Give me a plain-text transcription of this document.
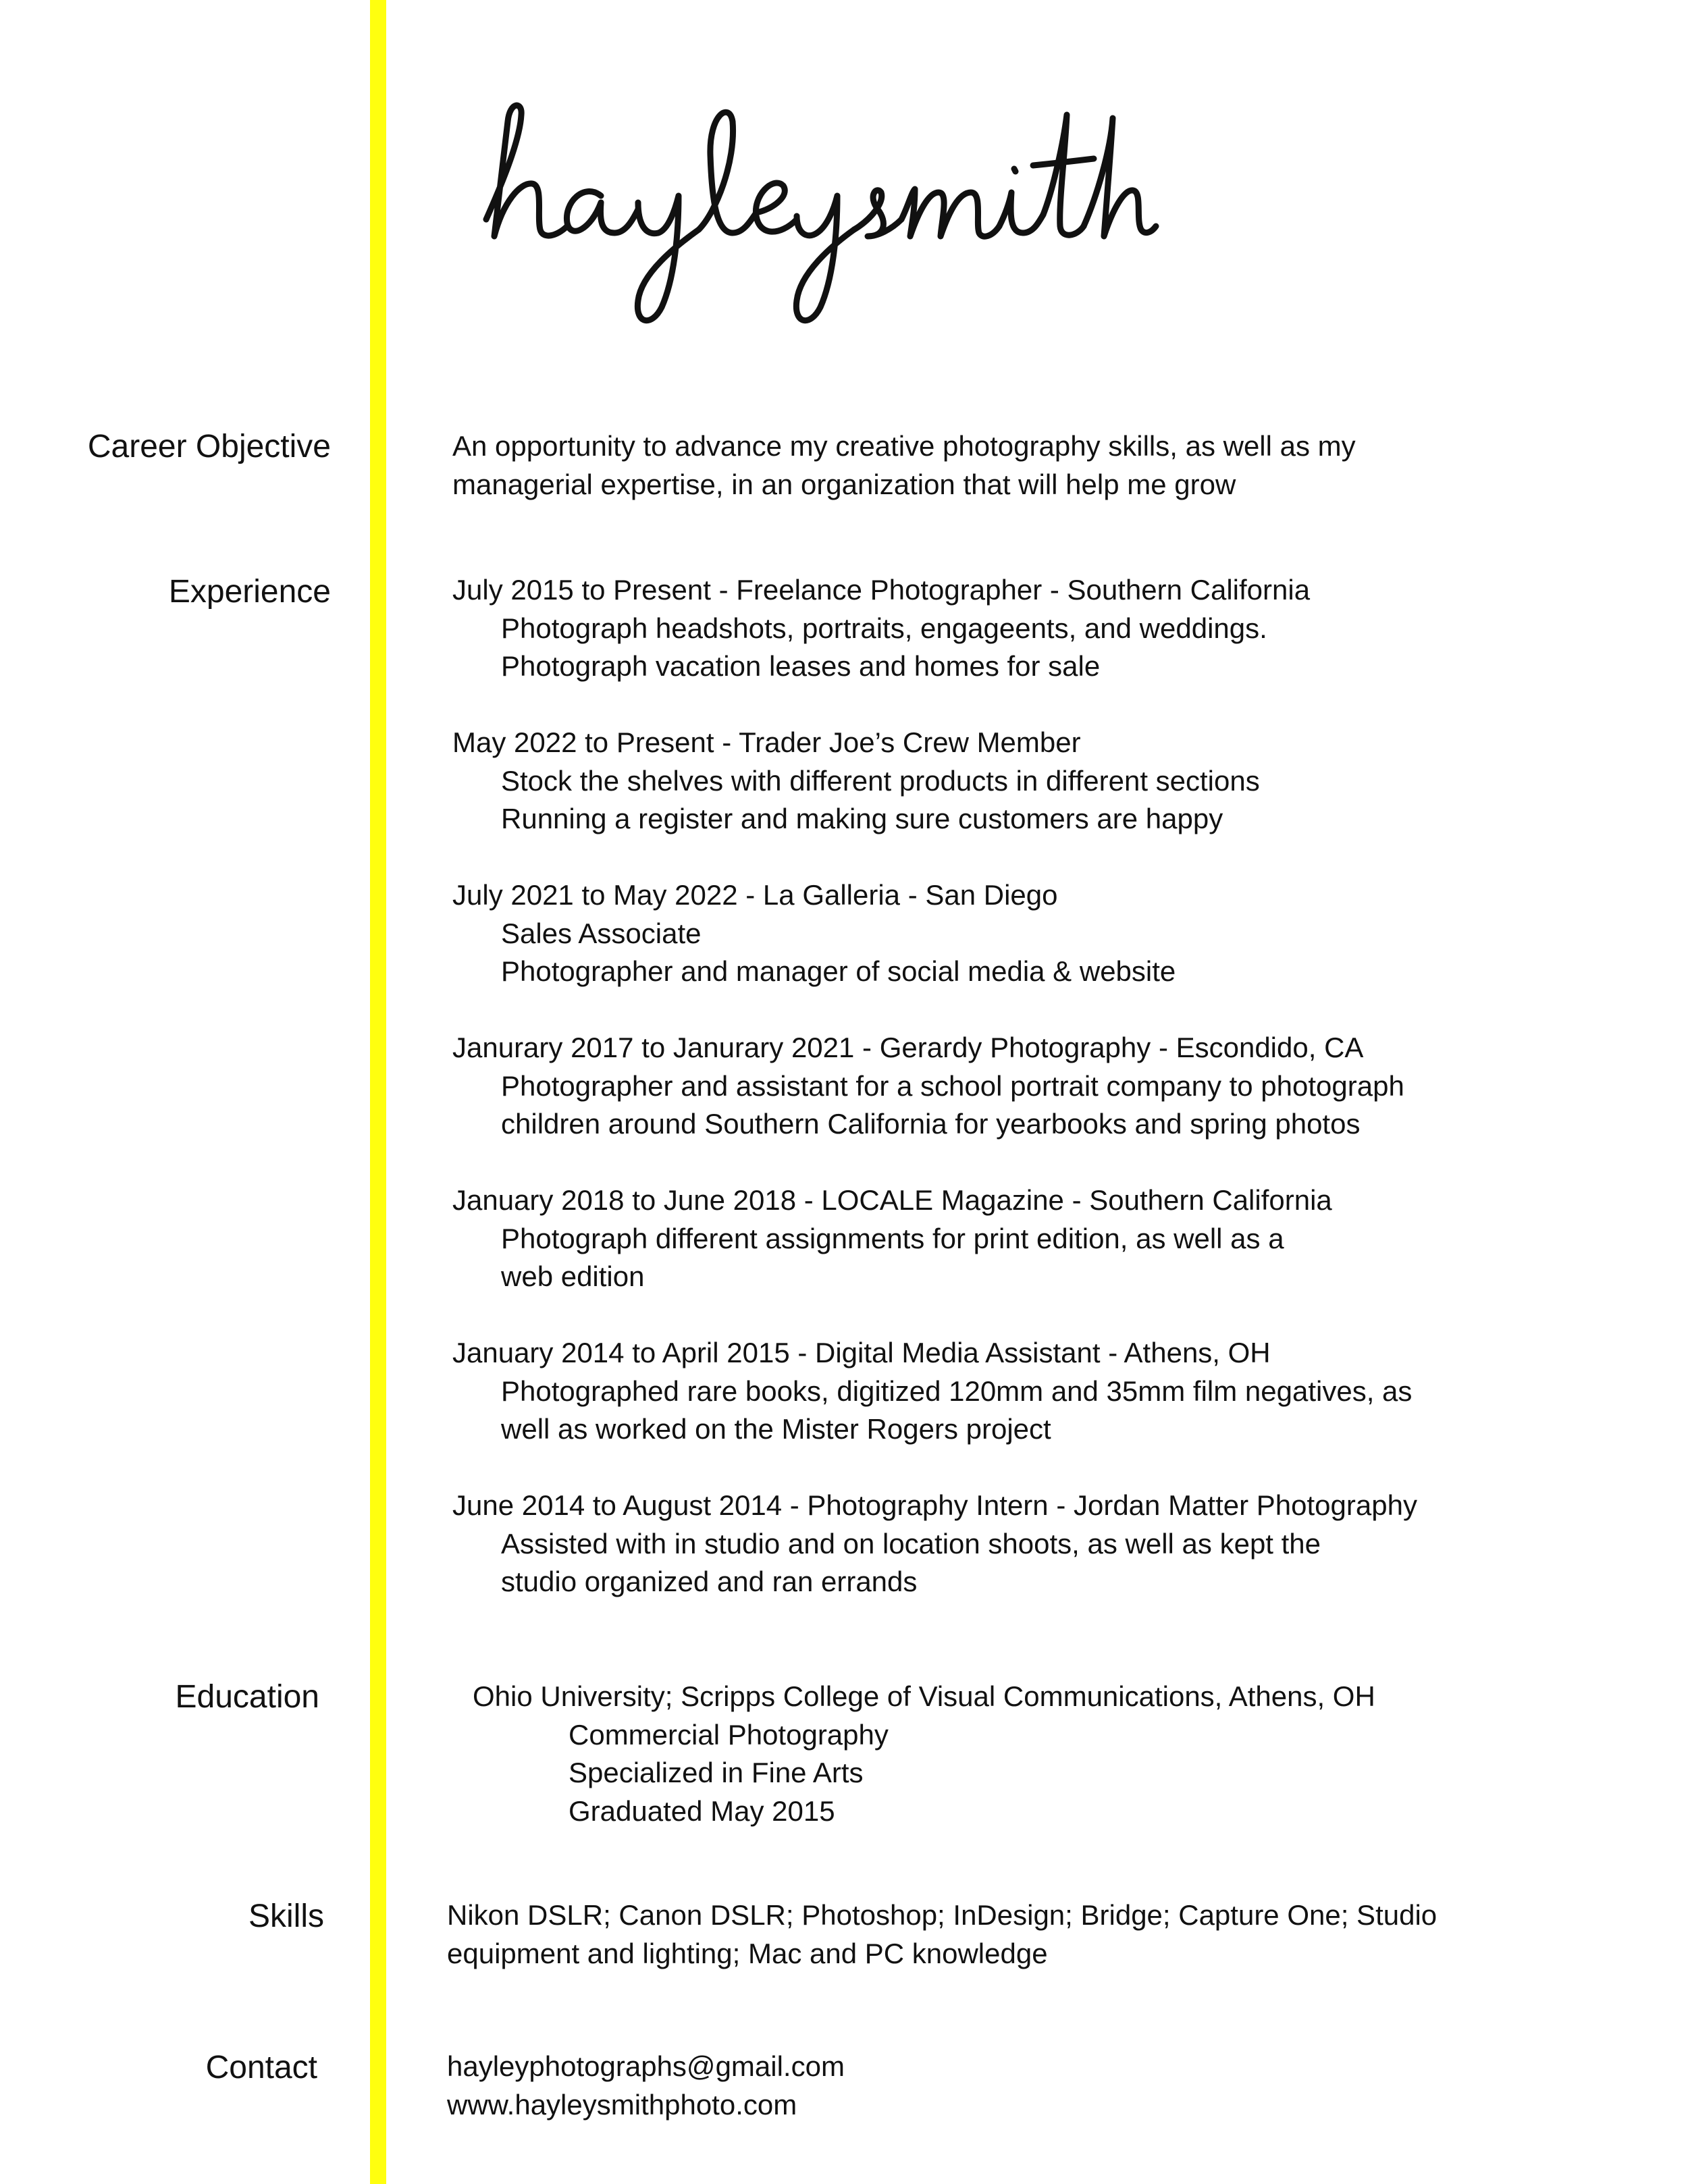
Career Objective	An opportunity to advance my creative photography skills, as well as my
managerial expertise, in an organization that will help me grow
Experience	July 2015 to Present - Freelance Photographer - Southern California
Photograph headshots, portraits, engageents, and weddings.
Photograph vacation leases and homes for sale
May 2022 to Present - Trader Joe’s Crew Member
Stock the shelves with different products in different sections
Running a register and making sure customers are happy
July 2021 to May 2022 - La Galleria - San Diego
Sales Associate
Photographer and manager of social media & website
Janurary 2017 to Janurary 2021 - Gerardy Photography - Escondido, CA
Photographer and assistant for a school portrait company to photograph
children around Southern California for yearbooks and spring photos
January 2018 to June 2018 - LOCALE Magazine - Southern California
Photograph different assignments for print edition, as well as a
web edition
January 2014 to April 2015 - Digital Media Assistant - Athens, OH
Photographed rare books, digitized 120mm and 35mm film negatives, as
well as worked on the Mister Rogers project
June 2014 to August 2014 - Photography Intern - Jordan Matter Photography
Assisted with in studio and on location shoots, as well as kept the
studio organized and ran errands
Education	Ohio University; Scripps College of Visual Communications, Athens, OH
Commercial Photography
Specialized in Fine Arts
Graduated May 2015
Skills	Nikon DSLR; Canon DSLR; Photoshop; InDesign; Bridge; Capture One; Studio
equipment and lighting; Mac and PC knowledge
Contact	hayleyphotographs@gmail.com
www.hayleysmithphoto.com
